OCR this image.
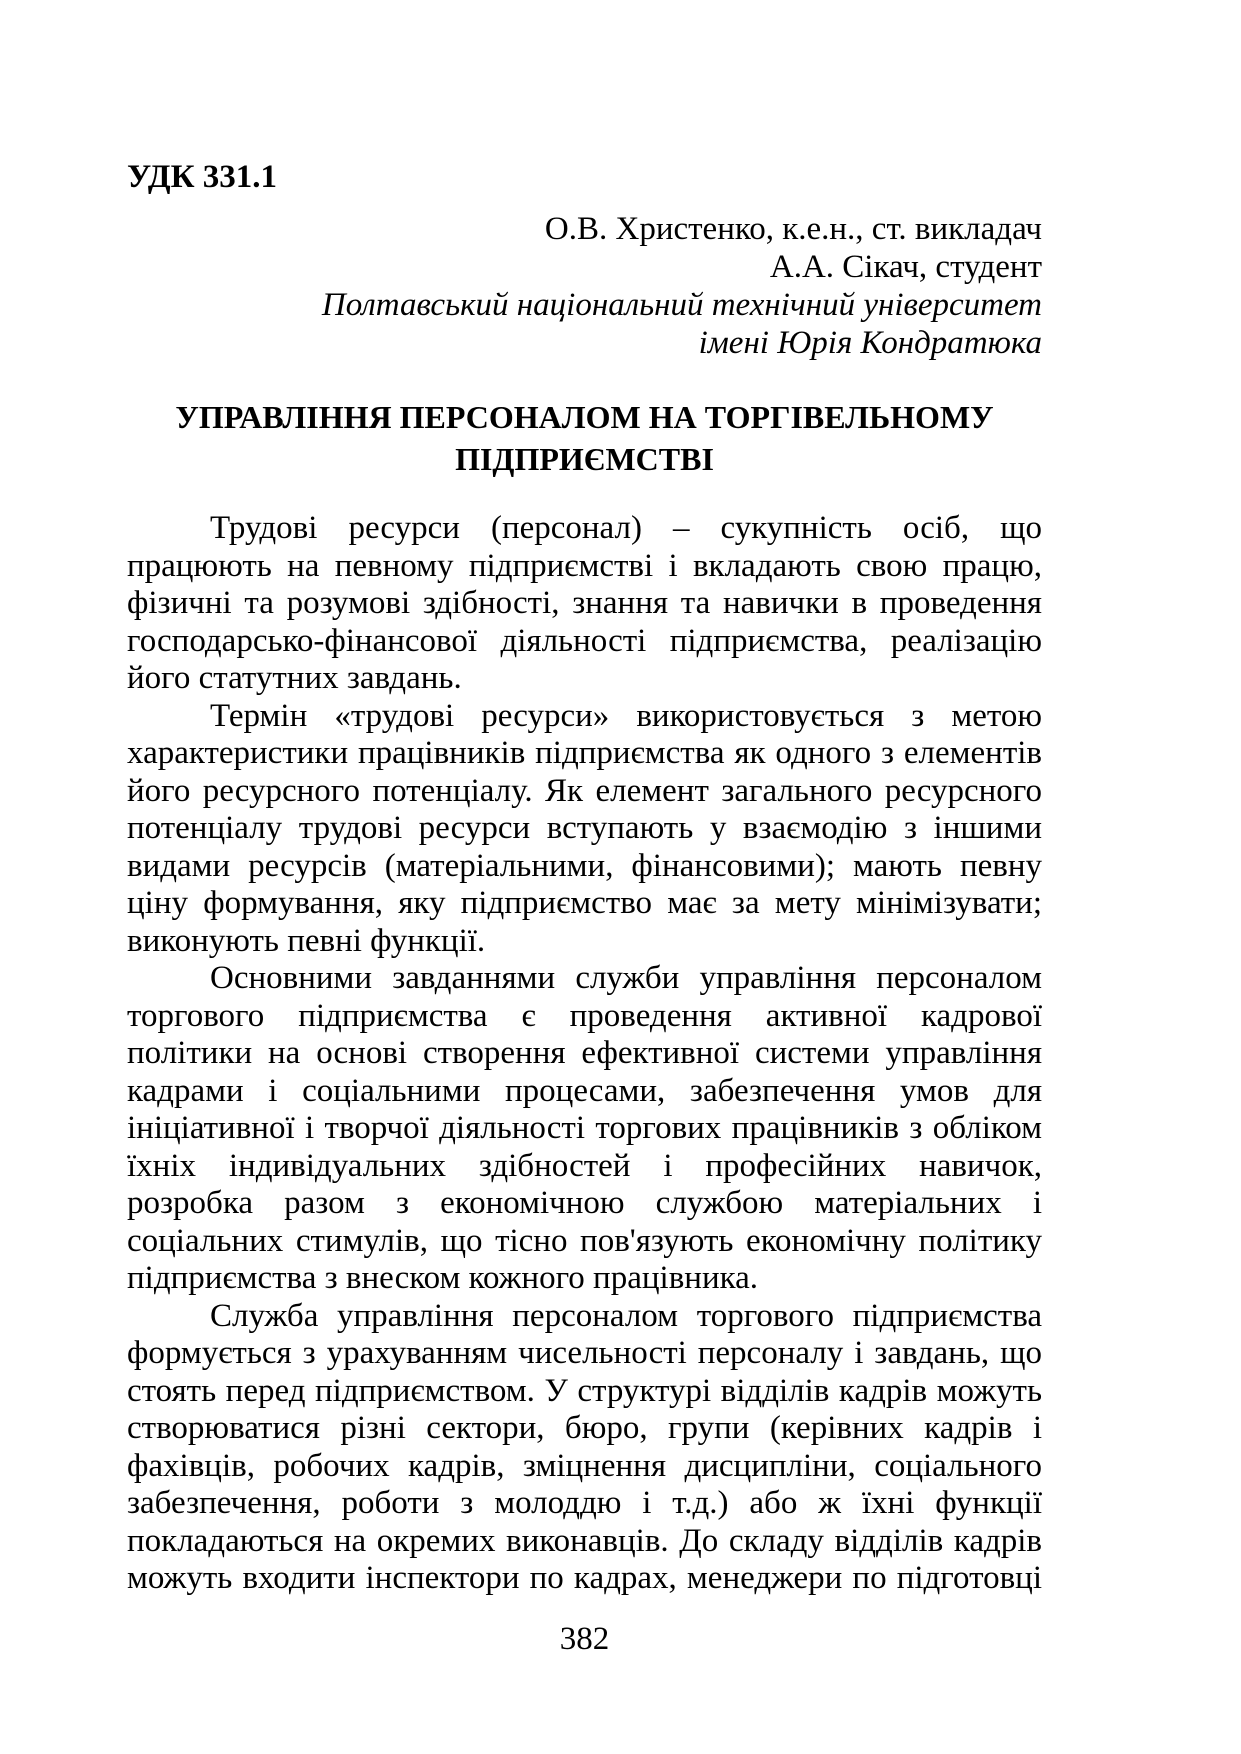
УДК 331.1
О.В. Христенко, к.е.н., ст. викладач
А.А. Сікач, студент
Полтавський національний технічний університет
імені Юрія Кондратюка
УПРАВЛІННЯ ПЕРСОНАЛОМ НА ТОРГІВЕЛЬНОМУ ПІДПРИЄМСТВІ

Трудові ресурси (персонал) – сукупність осіб, що працюють на певному підприємстві і вкладають свою працю, фізичні та розумові здібності, знання та навички в проведення господарсько-фінансової діяльності підприємства, реалізацію його статутних завдань.

Термін «трудові ресурси» використовується з метою характеристики працівників підприємства як одного з елементів його ресурсного потенціалу. Як елемент загального ресурсного потенціалу трудові ресурси вступають у взаємодію з іншими видами ресурсів (матеріальними, фінансовими); мають певну ціну формування, яку підприємство має за мету мінімізувати; виконують певні функції.

Основними завданнями служби управління персоналом торгового підприємства є проведення активної кадрової політики на основі створення ефективної системи управління кадрами і соціальними процесами, забезпечення умов для ініціативної і творчої діяльності торгових працівників з обліком їхніх індивідуальних здібностей і професійних навичок, розробка разом з економічною службою матеріальних і соціальних стимулів, що тісно пов'язують економічну політику підприємства з внеском кожного працівника.

Служба управління персоналом торгового підприємства формується з урахуванням чисельності персоналу і завдань, що стоять перед підприємством. У структурі відділів кадрів можуть створюватися різні сектори, бюро, групи (керівних кадрів і фахівців, робочих кадрів, зміцнення дисципліни, соціального забезпечення, роботи з молоддю і т.д.) або ж їхні функції покладаються на окремих виконавців. До складу відділів кадрів можуть входити інспектори по кадрах, менеджери по підготовці

382
